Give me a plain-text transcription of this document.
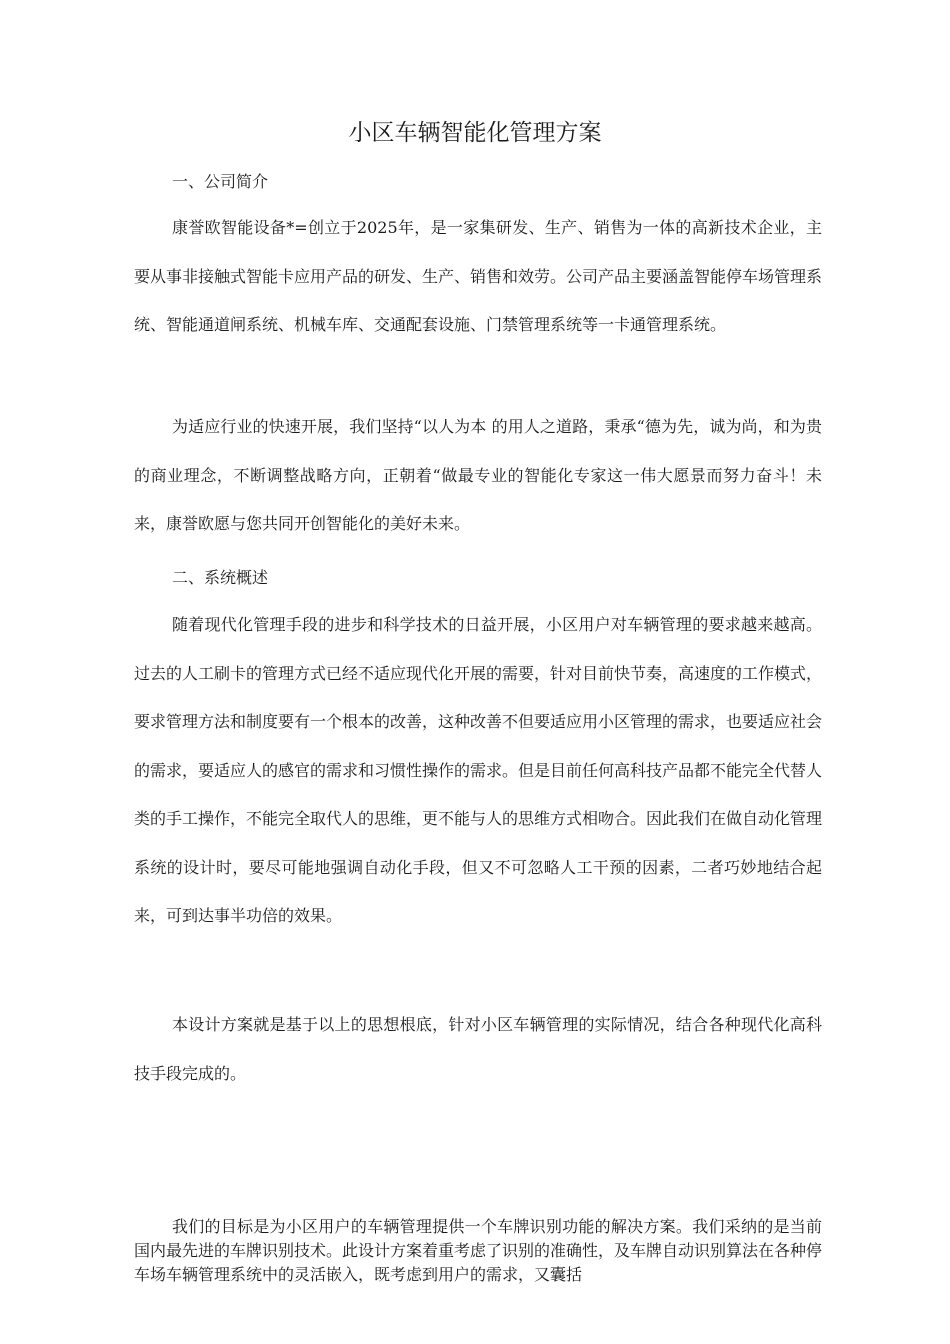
小区车辆智能化管理方案
一、公司简介

康誉欧智能设备*=创立于2025年，是一家集研发、生产、销售为一体的高新技术企业，主要从事非接触式智能卡应用产品的研发、生产、销售和效劳。公司产品主要涵盖智能停车场管理系统、智能通道闸系统、机械车库、交通配套设施、门禁管理系统等一卡通管理系统。

为适应行业的快速开展，我们坚持“以人为本 的用人之道路，秉承“德为先，诚为尚，和为贵 的商业理念，不断调整战略方向，正朝着“做最专业的智能化专家这一伟大愿景而努力奋斗！未来，康誉欧愿与您共同开创智能化的美好未来。

二、系统概述

随着现代化管理手段的进步和科学技术的日益开展，小区用户对车辆管理的要求越来越高。过去的人工刷卡的管理方式已经不适应现代化开展的需要，针对目前快节奏，高速度的工作模式，要求管理方法和制度要有一个根本的改善，这种改善不但要适应用小区管理的需求，也要适应社会的需求，要适应人的感官的需求和习惯性操作的需求。但是目前任何高科技产品都不能完全代替人类的手工操作，不能完全取代人的思维，更不能与人的思维方式相吻合。因此我们在做自动化管理系统的设计时，要尽可能地强调自动化手段，但又不可忽略人工干预的因素，二者巧妙地结合起来，可到达事半功倍的效果。

本设计方案就是基于以上的思想根底，针对小区车辆管理的实际情况，结合各种现代化高科技手段完成的。

我们的目标是为小区用户的车辆管理提供一个车牌识别功能的解决方案。我们采纳的是当前国内最先进的车牌识别技术。此设计方案着重考虑了识别的准确性，及车牌自动识别算法在各种停车场车辆管理系统中的灵活嵌入，既考虑到用户的需求，又囊括
